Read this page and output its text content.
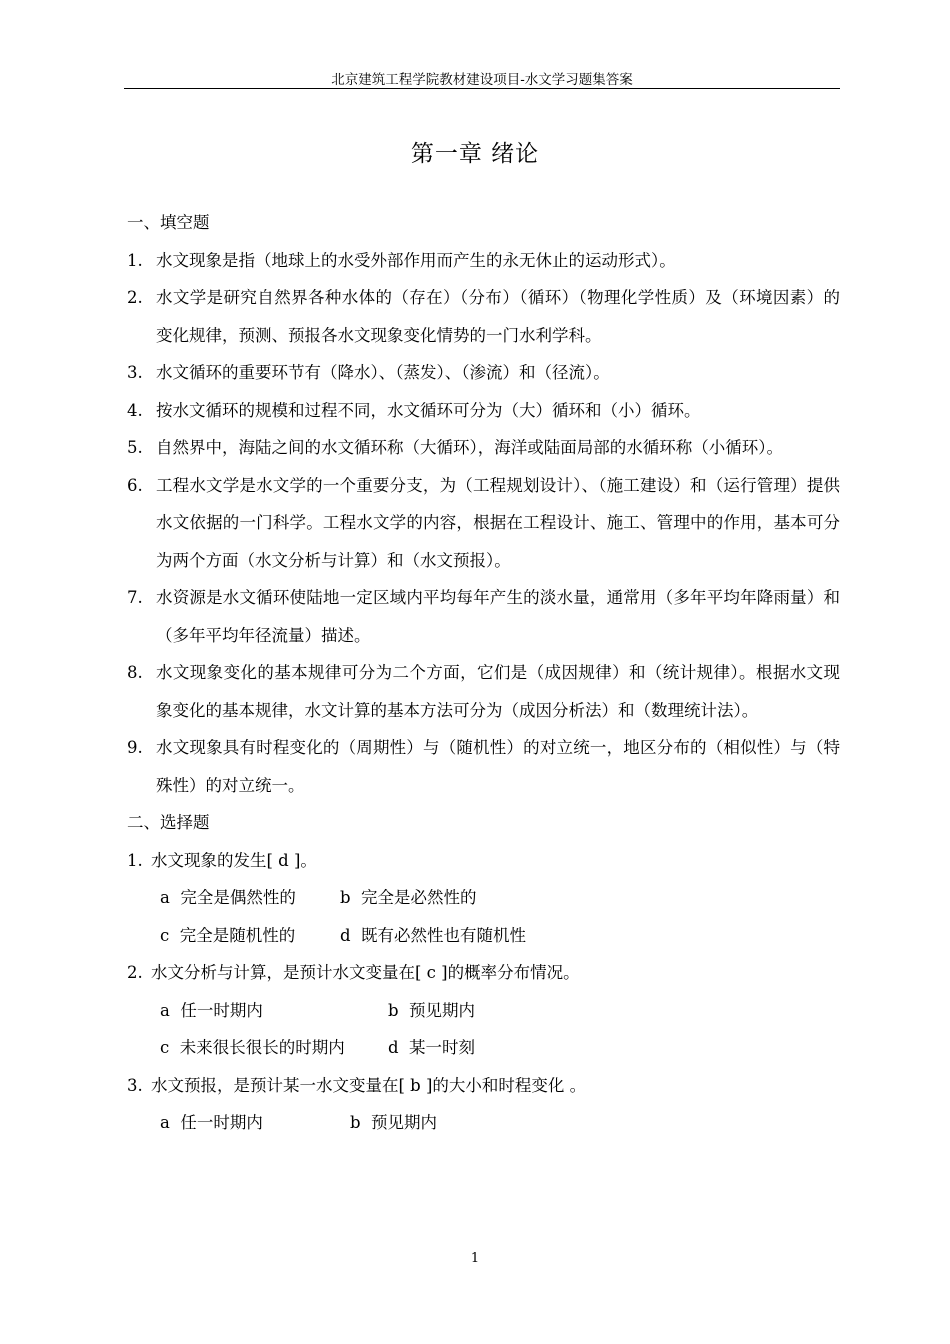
北京建筑工程学院教材建设项目-水文学习题集答案
第一章 绪论
一、填空题
1. 水文现象是指（地球上的水受外部作用而产生的永无休止的运动形式）。
2. 水文学是研究自然界各种水体的（存在）（分布）（循环）（物理化学性质）及（环境因素）的变化规律，预测、预报各水文现象变化情势的一门水利学科。
3. 水文循环的重要环节有（降水）、（蒸发）、（渗流）和（径流）。
4. 按水文循环的规模和过程不同，水文循环可分为（大）循环和（小）循环。
5. 自然界中，海陆之间的水文循环称（大循环），海洋或陆面局部的水循环称（小循环）。
6. 工程水文学是水文学的一个重要分支，为（工程规划设计）、（施工建设）和（运行管理）提供水文依据的一门科学。工程水文学的内容，根据在工程设计、施工、管理中的作用，基本可分为两个方面（水文分析与计算）和（水文预报）。
7. 水资源是水文循环使陆地一定区域内平均每年产生的淡水量，通常用（多年平均年降雨量）和（多年平均年径流量）描述。
8. 水文现象变化的基本规律可分为二个方面，它们是（成因规律）和（统计规律）。根据水文现象变化的基本规律，水文计算的基本方法可分为（成因分析法）和（数理统计法）。
9. 水文现象具有时程变化的（周期性）与（随机性）的对立统一，地区分布的（相似性）与（特殊性）的对立统一。
二、选择题
1. 水文现象的发生[ d ]。
a  完全是偶然性的	b  完全是必然性的
c  完全是随机性的	d  既有必然性也有随机性
2. 水文分析与计算，是预计水文变量在[ c ]的概率分布情况。
a  任一时期内	b  预见期内
c  未来很长很长的时期内	d  某一时刻
3. 水文预报，是预计某一水文变量在[ b ]的大小和时程变化 。
a  任一时期内	b  预见期内
1
